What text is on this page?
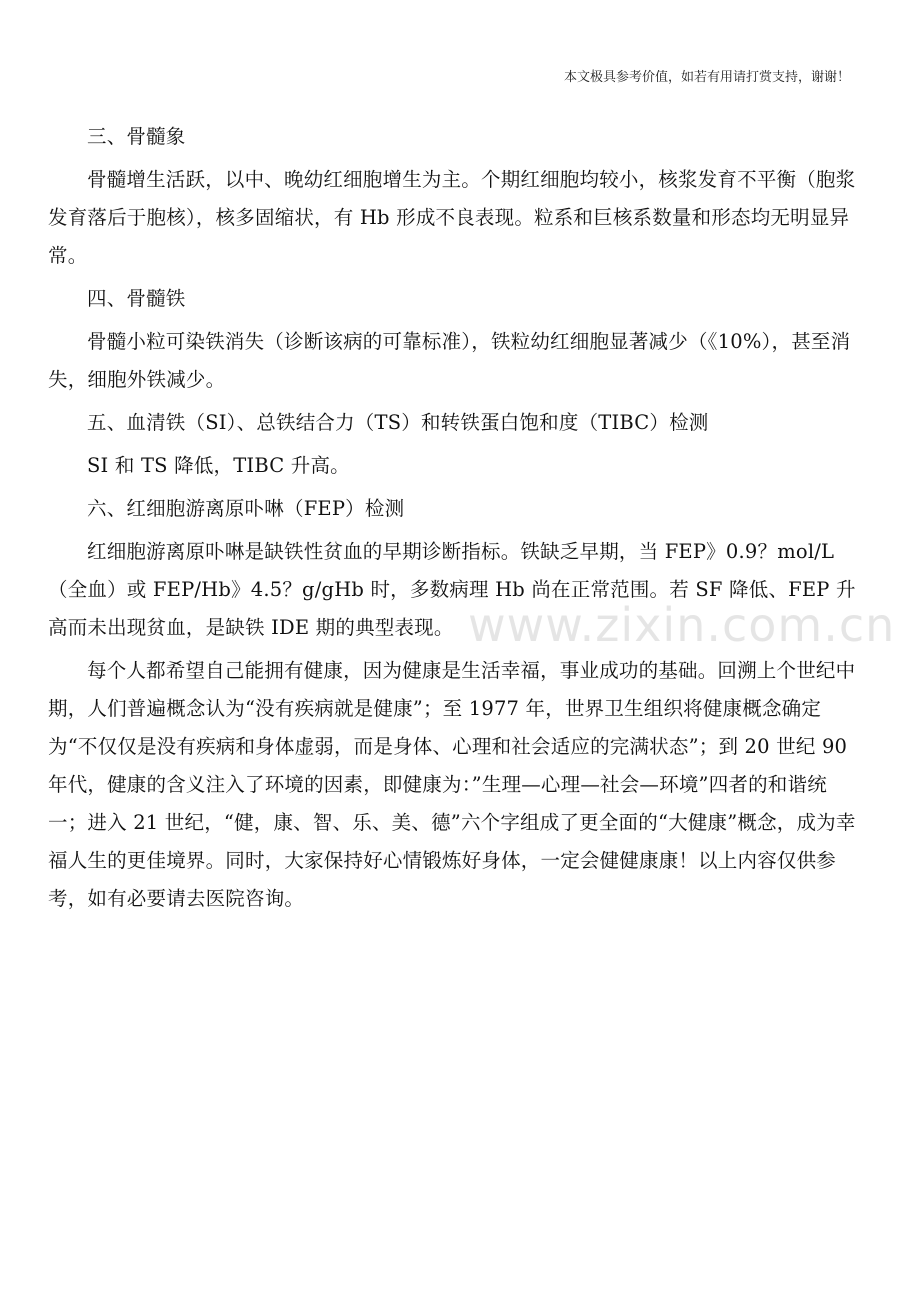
本文极具参考价值，如若有用请打赏支持，谢谢！

三、骨髓象

骨髓增生活跃，以中、晚幼红细胞增生为主。个期红细胞均较小，核浆发育不平衡（胞浆发育落后于胞核），核多固缩状，有 Hb 形成不良表现。粒系和巨核系数量和形态均无明显异常。

四、骨髓铁

骨髓小粒可染铁消失（诊断该病的可靠标准），铁粒幼红细胞显著减少（《10%），甚至消失，细胞外铁减少。

五、血清铁（SI）、总铁结合力（TS）和转铁蛋白饱和度（TIBC）检测

SI 和 TS 降低，TIBC 升高。

六、红细胞游离原卟啉（FEP）检测

红细胞游离原卟啉是缺铁性贫血的早期诊断指标。铁缺乏早期，当 FEP》0.9？mol/L（全血）或 FEP/Hb》4.5？g/gHb 时，多数病理 Hb 尚在正常范围。若 SF 降低、FEP 升高而未出现贫血，是缺铁 IDE 期的典型表现。

每个人都希望自己能拥有健康，因为健康是生活幸福，事业成功的基础。回溯上个世纪中期，人们普遍概念认为“没有疾病就是健康”；至 1977 年，世界卫生组织将健康概念确定为“不仅仅是没有疾病和身体虚弱，而是身体、心理和社会适应的完满状态”；到 20 世纪 90 年代，健康的含义注入了环境的因素，即健康为：”生理—心理—社会—环境”四者的和谐统一；进入 21 世纪，“健，康、智、乐、美、德”六个字组成了更全面的“大健康”概念，成为幸福人生的更佳境界。同时，大家保持好心情锻炼好身体，一定会健健康康！以上内容仅供参考，如有必要请去医院咨询。

www.zixin.com.cn
